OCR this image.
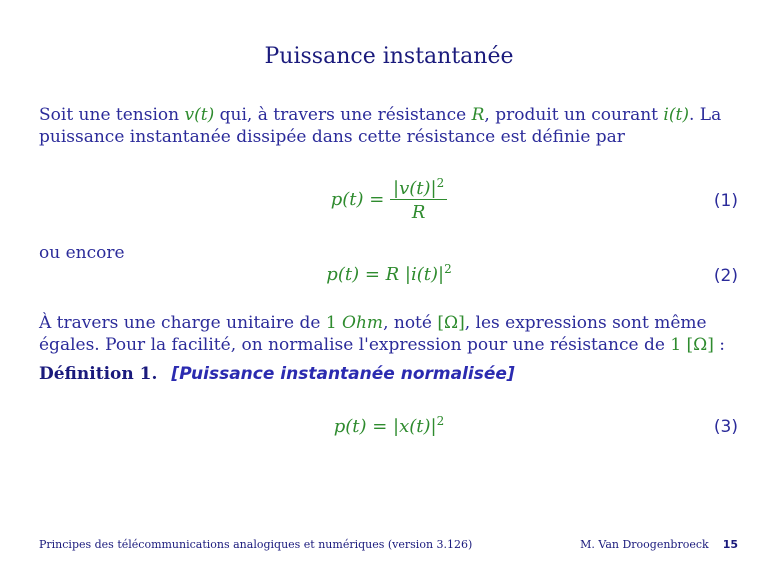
Puissance instantanée
Soit une tension v(t) qui, à travers une résistance R, produit un courant i(t). La puissance instantanée dissipée dans cette résistance est définie par
$p(t) = \frac{|v(t)|^2}{R}$	(1)
ou encore
p(t) = R $|i(t)|^2$	(2)
À travers une charge unitaire de 1 Ohm, noté [Ω], les expressions sont même égales. Pour la facilité, on normalise l'expression pour une résistance de 1 [Ω] :
Définition 1. [Puissance instantanée normalisée]
$p(t) = |x(t)|^2$	(3)
Principes des télécommunications analogiques et numériques (version 3.126)	M. Van Droogenbroeck 15
